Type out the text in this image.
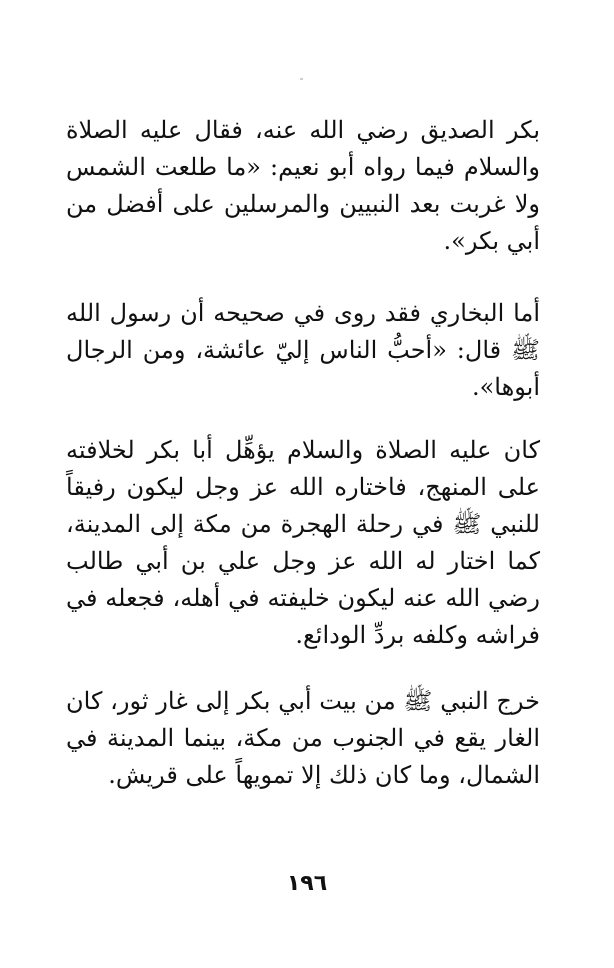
بكر الصديق رضي الله عنه، فقال عليه الصلاة والسلام فيما رواه أبو نعيم: «ما طلعت الشمس ولا غربت بعد النبيين والمرسلين على أفضل من أبي بكر».

أما البخاري فقد روى في صحيحه أن رسول الله ﷺ قال: «أحبُّ الناس إليّ عائشة، ومن الرجال أبوها».

كان عليه الصلاة والسلام يؤهِّل أبا بكر لخلافته على المنهج، فاختاره الله عز وجل ليكون رفيقاً للنبي ﷺ في رحلة الهجرة من مكة إلى المدينة، كما اختار له الله عز وجل علي بن أبي طالب رضي الله عنه ليكون خليفته في أهله، فجعله في فراشه وكلفه بردِّ الودائع.

خرج النبي ﷺ من بيت أبي بكر إلى غار ثور، كان الغار يقع في الجنوب من مكة، بينما المدينة في الشمال، وما كان ذلك إلا تمويهاً على قريش.

١٩٦
